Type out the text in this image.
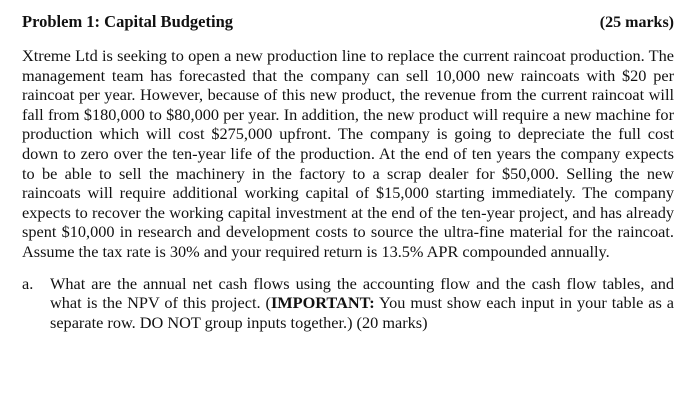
Problem 1: Capital Budgeting	(25 marks)
Xtreme Ltd is seeking to open a new production line to replace the current raincoat production. The management team has forecasted that the company can sell 10,000 new raincoats with $20 per raincoat per year. However, because of this new product, the revenue from the current raincoat will fall from $180,000 to $80,000 per year. In addition, the new product will require a new machine for production which will cost $275,000 upfront. The company is going to depreciate the full cost down to zero over the ten-year life of the production. At the end of ten years the company expects to be able to sell the machinery in the factory to a scrap dealer for $50,000. Selling the new raincoats will require additional working capital of $15,000 starting immediately. The company expects to recover the working capital investment at the end of the ten-year project, and has already spent $10,000 in research and development costs to source the ultra-fine material for the raincoat. Assume the tax rate is 30% and your required return is 13.5% APR compounded annually.
a.	What are the annual net cash flows using the accounting flow and the cash flow tables, and what is the NPV of this project. (IMPORTANT: You must show each input in your table as a separate row. DO NOT group inputs together.) (20 marks)
